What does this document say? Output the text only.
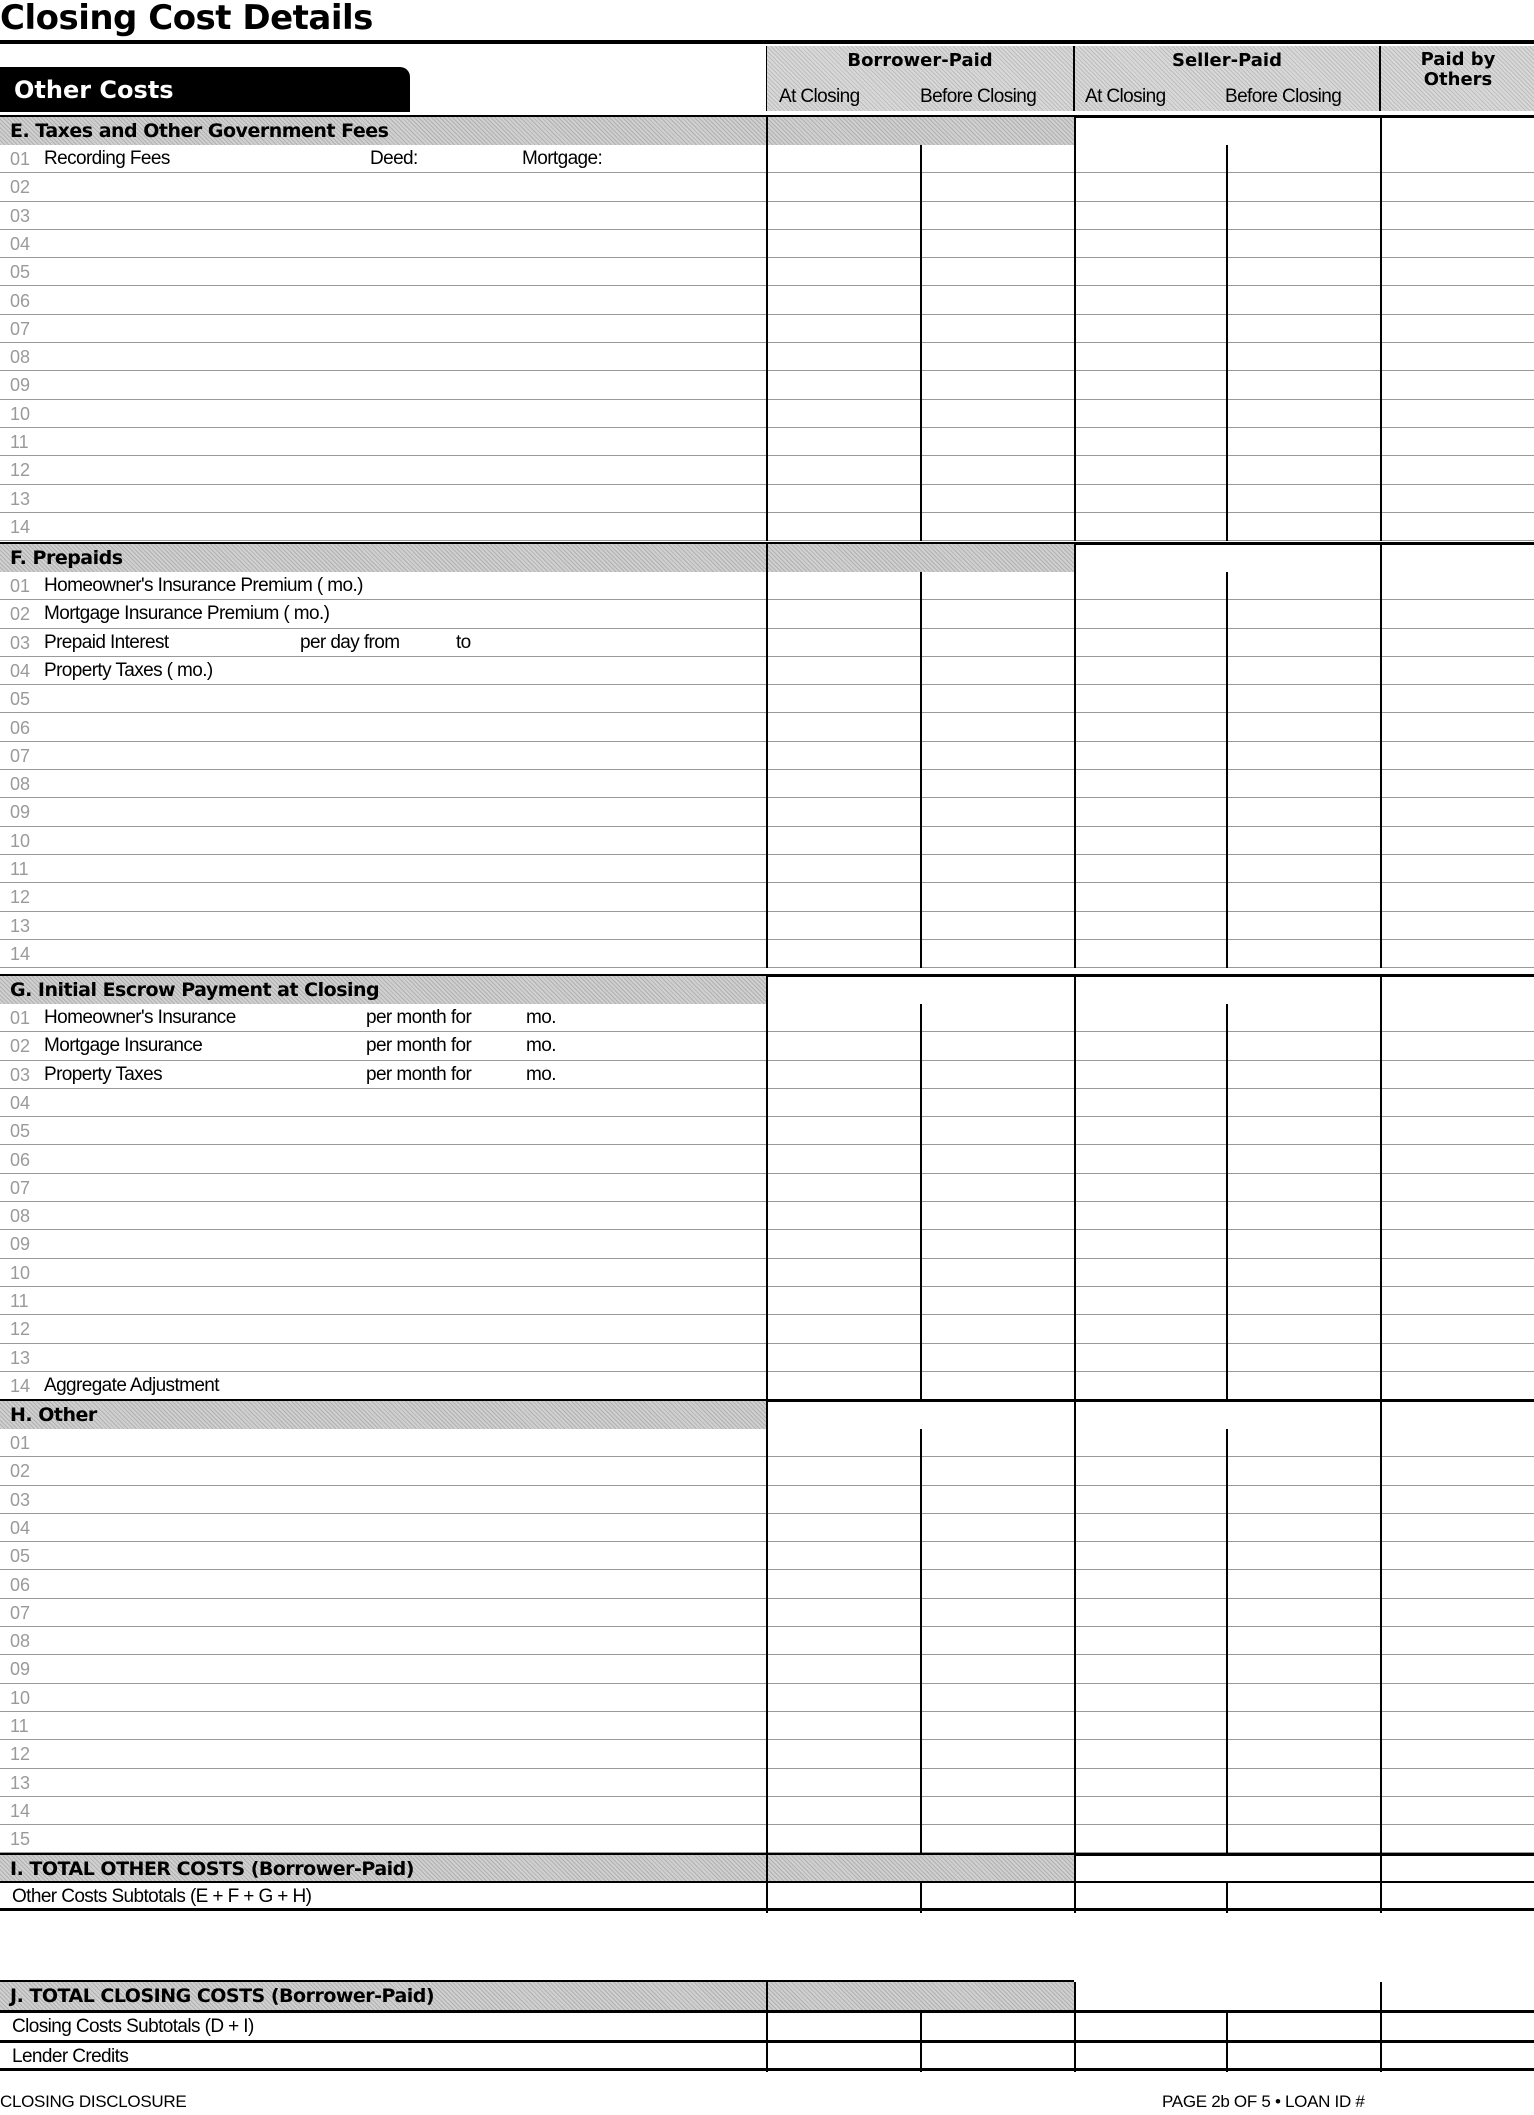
Closing Cost Details
Borrower-Paid
At Closing	Before Closing
Seller-Paid
At Closing	Before Closing
Paid by Others
Other Costs
E. Taxes and Other Government Fees
01 Recording Fees	Deed:	Mortgage:
02
03
04
05
06
07
08
09
10
11
12
13
14
F. Prepaids
01 Homeowner's Insurance Premium ( mo.)
02 Mortgage Insurance Premium ( mo.)
03 Prepaid Interest	per day from	to
04 Property Taxes ( mo.)
05
06
07
08
09
10
11
12
13
14
G. Initial Escrow Payment at Closing
01 Homeowner's Insurance	per month for	mo.
02 Mortgage Insurance	per month for	mo.
03 Property Taxes	per month for	mo.
04
05
06
07
08
09
10
11
12
13
14 Aggregate Adjustment
H. Other
01
02
03
04
05
06
07
08
09
10
11
12
13
14
15
I. TOTAL OTHER COSTS (Borrower-Paid)
Other Costs Subtotals (E + F + G + H)
J. TOTAL CLOSING COSTS (Borrower-Paid)
Closing Costs Subtotals (D + I)
Lender Credits
CLOSING DISCLOSURE	PAGE 2b OF 5 • LOAN ID #
